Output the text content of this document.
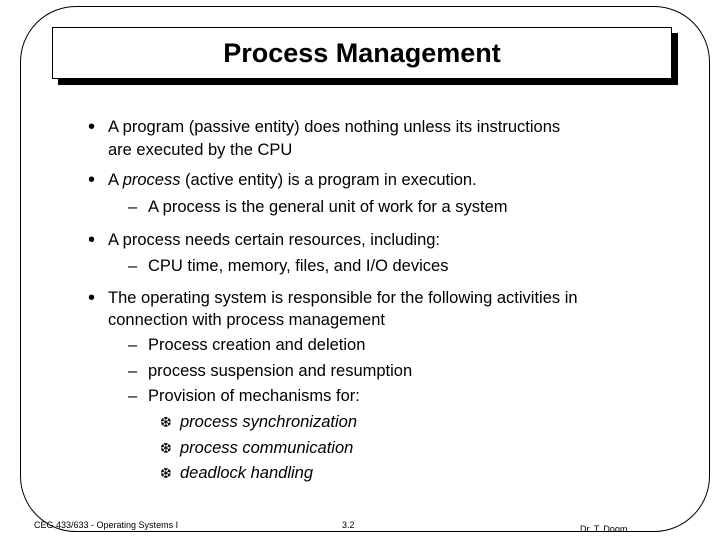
Process Management
• A program (passive entity) does nothing unless its instructions
are executed by the CPU
• A process (active entity) is a program in execution.
– A process is the general unit of work for a system
• A process needs certain resources, including:
– CPU time, memory, files, and I/O devices
• The operating system is responsible for the following activities in
connection with process management
– Process creation and deletion
– process suspension and resumption
– Provision of mechanisms for:
❆ process synchronization
❆ process communication
❆ deadlock handling
CEG 433/633 - Operating Systems I	3.2	Dr. T. Doom
